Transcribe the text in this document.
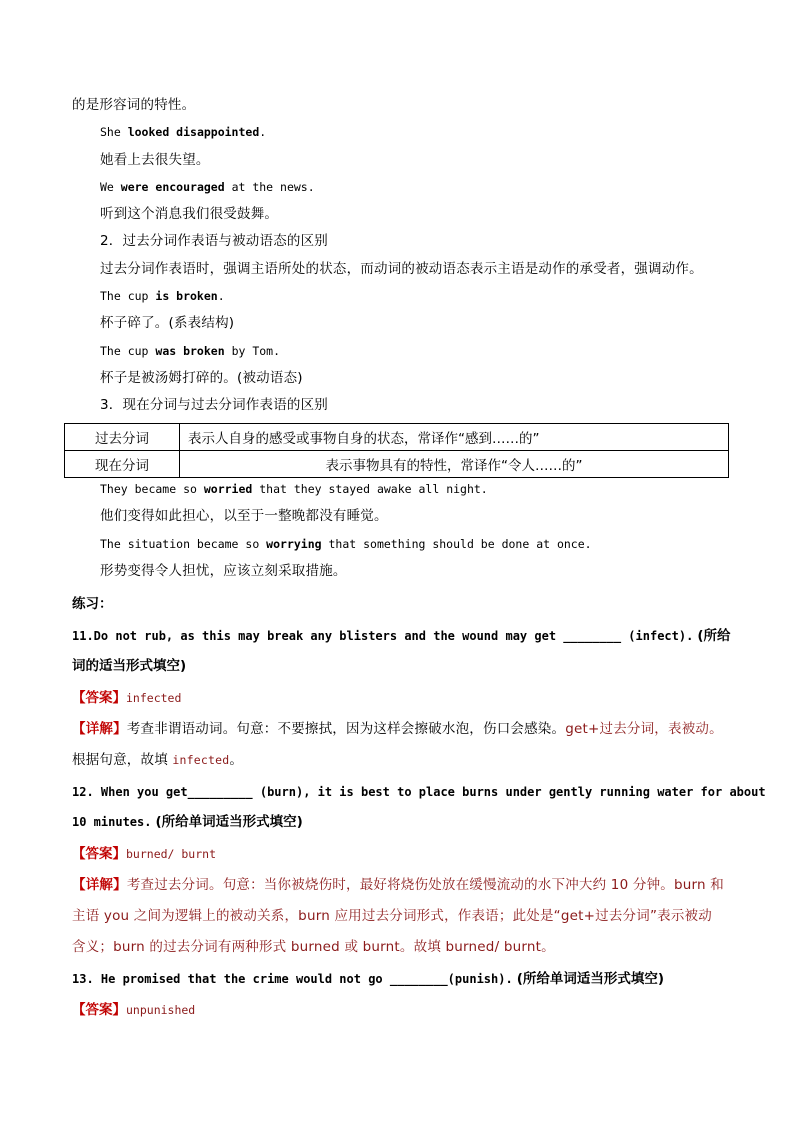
的是形容词的特性。
She looked disappointed.
她看上去很失望。
We were encouraged at the news.
听到这个消息我们很受鼓舞。
2．过去分词作表语与被动语态的区别
过去分词作表语时，强调主语所处的状态，而动词的被动语态表示主语是动作的承受者，强调动作。
The cup is broken.
杯子碎了。(系表结构)
The cup was broken by Tom.
杯子是被汤姆打碎的。(被动语态)
3．现在分词与过去分词作表语的区别
过去分词	表示人自身的感受或事物自身的状态，常译作“感到……的”
现在分词	表示事物具有的特性，常译作“令人……的”
They became so worried that they stayed awake all night.
他们变得如此担心，以至于一整晚都没有睡觉。
The situation became so worrying that something should be done at once.
形势变得令人担忧，应该立刻采取措施。
练习：
11.Do not rub, as this may break any blisters and the wound may get ________ (infect). (所给
词的适当形式填空)
【答案】infected
【详解】考查非谓语动词。句意：不要擦拭，因为这样会擦破水泡，伤口会感染。get+过去分词，表被动。
根据句意，故填 infected。
12. When you get_________ (burn), it is best to place burns under gently running water for about
10 minutes. (所给单词适当形式填空)
【答案】burned/ burnt
【详解】考查过去分词。句意：当你被烧伤时，最好将烧伤处放在缓慢流动的水下冲大约 10 分钟。burn 和
主语 you 之间为逻辑上的被动关系，burn 应用过去分词形式，作表语；此处是“get+过去分词”表示被动
含义；burn 的过去分词有两种形式 burned 或 burnt。故填 burned/ burnt。
13. He promised that the crime would not go ________(punish). (所给单词适当形式填空)
【答案】unpunished
